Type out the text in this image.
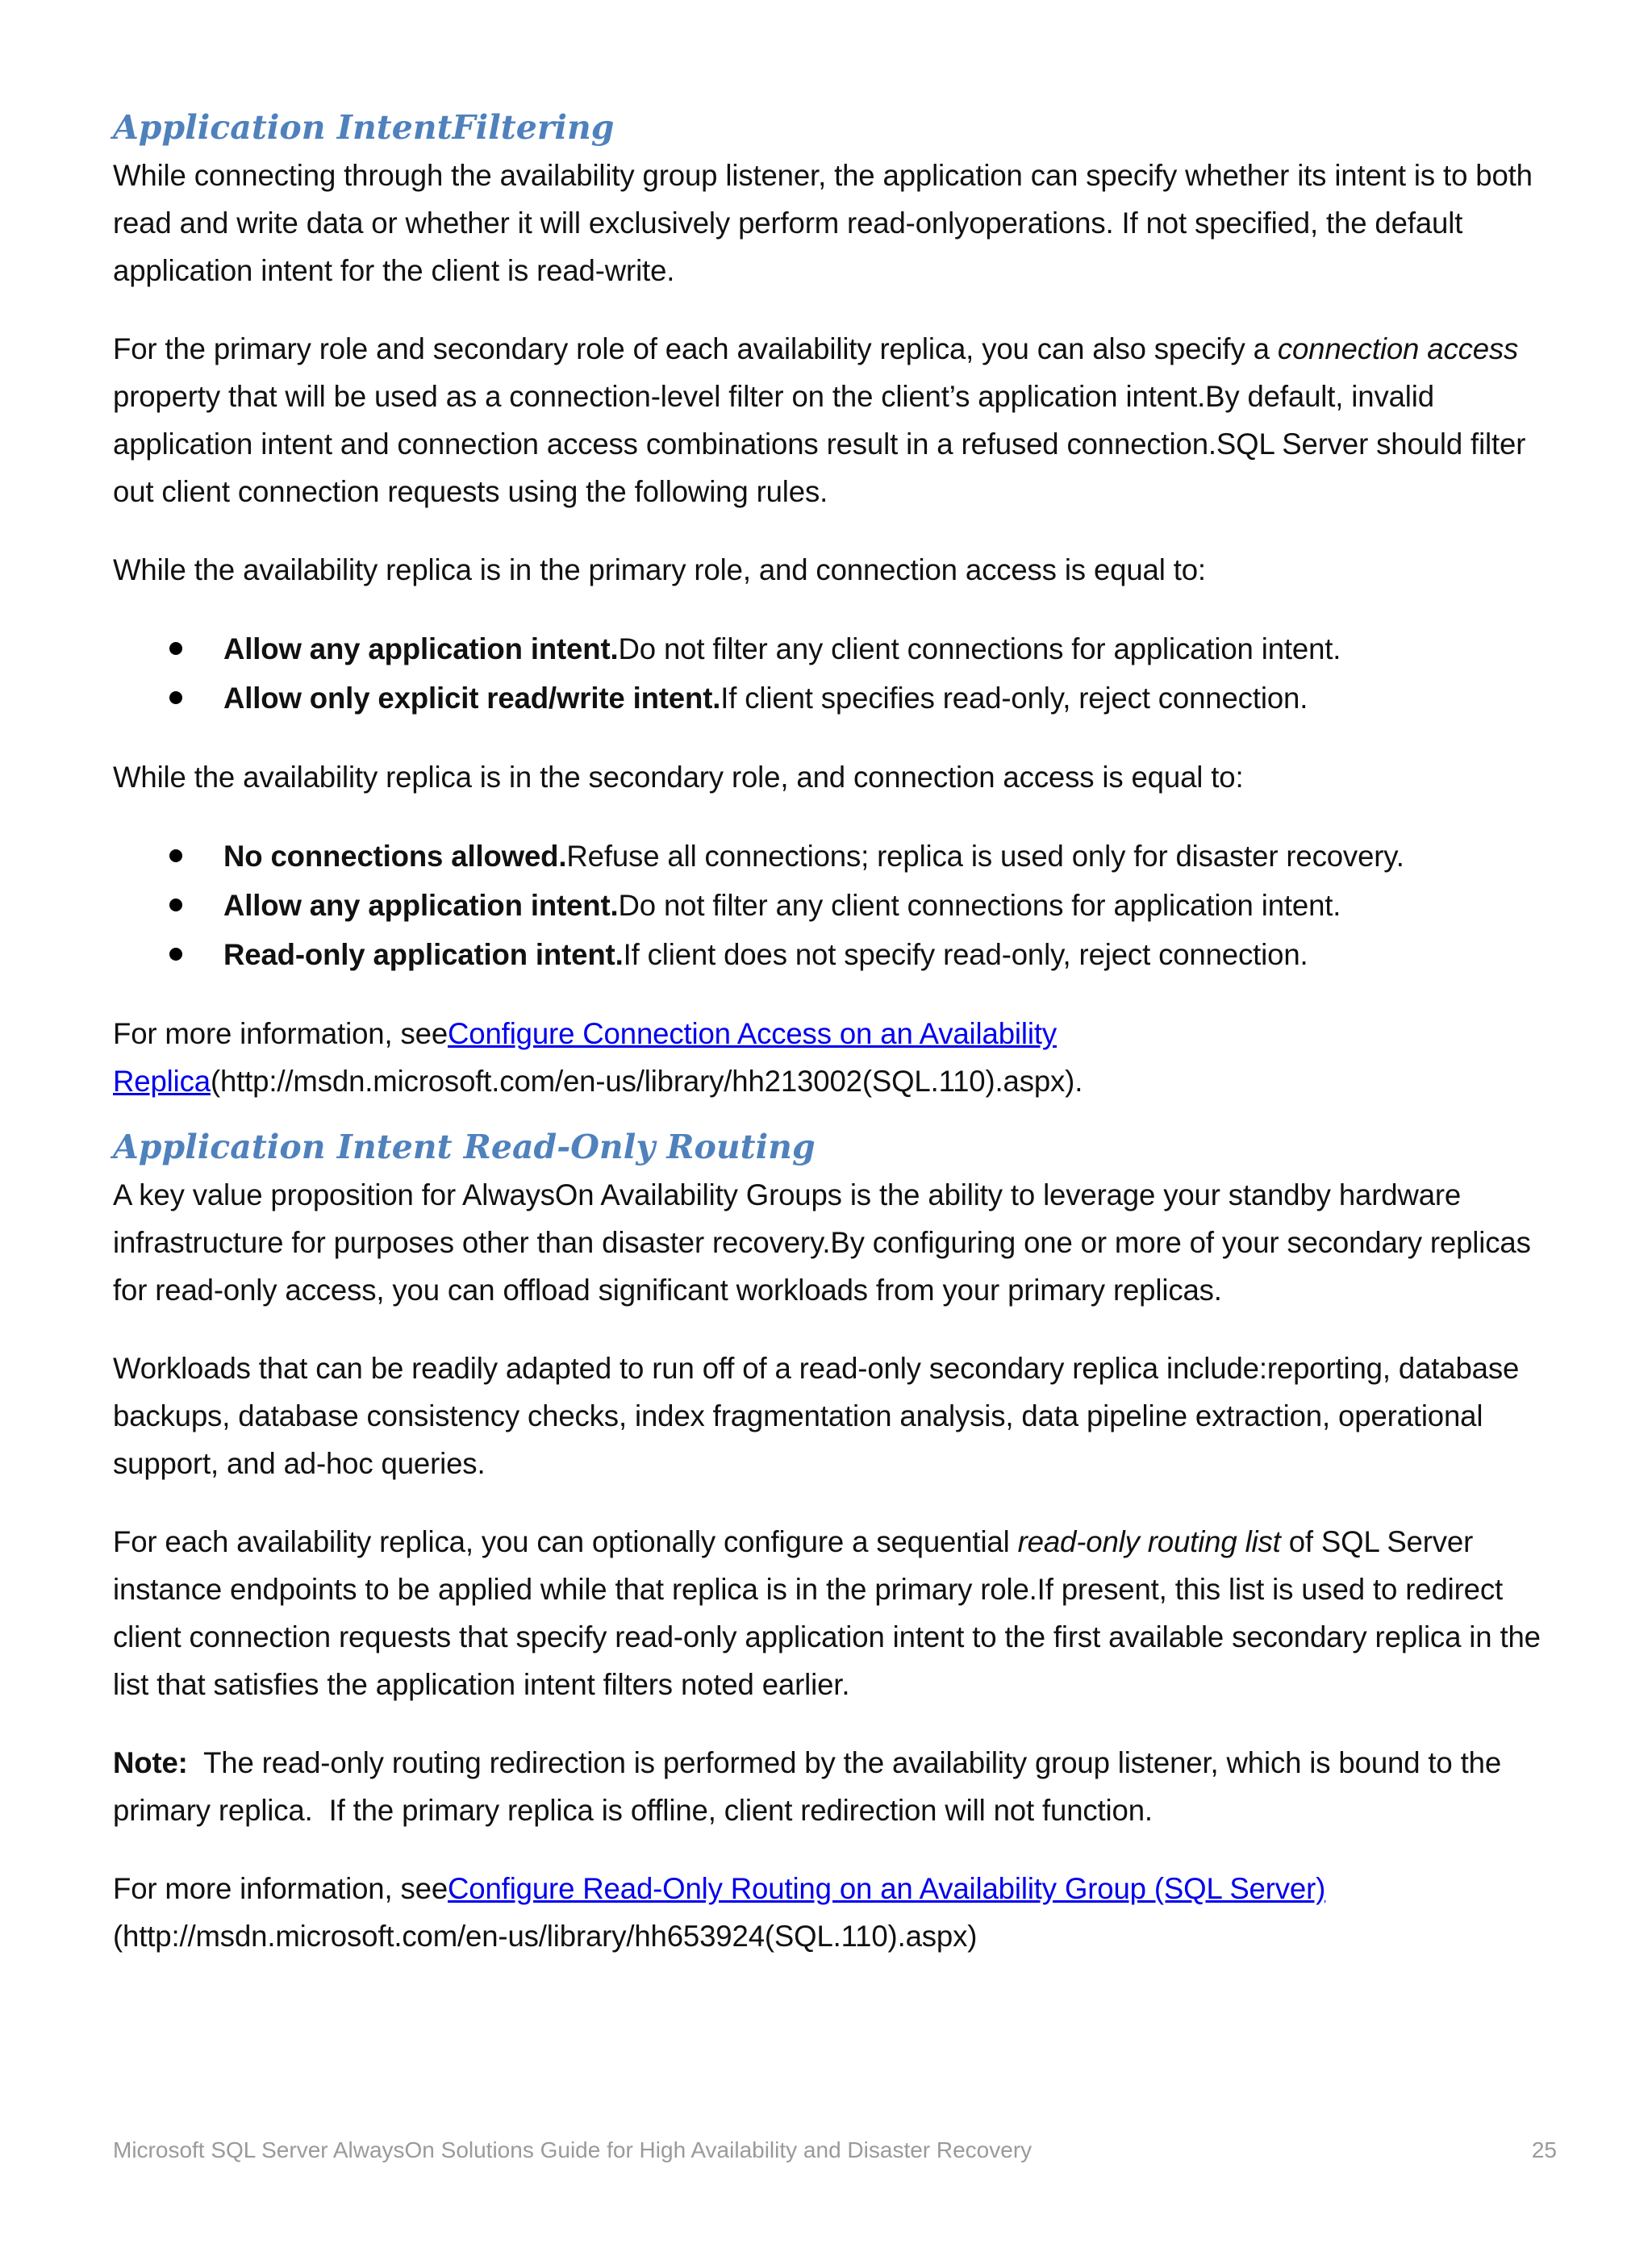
Application IntentFiltering

While connecting through the availability group listener, the application can specify whether its intent is to both read and write data or whether it will exclusively perform read-onlyoperations. If not specified, the default application intent for the client is read-write.

For the primary role and secondary role of each availability replica, you can also specify a connection access property that will be used as a connection-level filter on the client’s application intent.By default, invalid application intent and connection access combinations result in a refused connection.SQL Server should filter out client connection requests using the following rules.

While the availability replica is in the primary role, and connection access is equal to:

Allow any application intent.Do not filter any client connections for application intent.
Allow only explicit read/write intent.If client specifies read-only, reject connection.

While the availability replica is in the secondary role, and connection access is equal to:

No connections allowed.Refuse all connections; replica is used only for disaster recovery.
Allow any application intent.Do not filter any client connections for application intent.
Read-only application intent.If client does not specify read-only, reject connection.

For more information, seeConfigure Connection Access on an Availability Replica(http://msdn.microsoft.com/en-us/library/hh213002(SQL.110).aspx).

Application Intent Read-Only Routing

A key value proposition for AlwaysOn Availability Groups is the ability to leverage your standby hardware infrastructure for purposes other than disaster recovery.By configuring one or more of your secondary replicas for read-only access, you can offload significant workloads from your primary replicas.

Workloads that can be readily adapted to run off of a read-only secondary replica include:reporting, database backups, database consistency checks, index fragmentation analysis, data pipeline extraction, operational support, and ad-hoc queries.

For each availability replica, you can optionally configure a sequential read-only routing list of SQL Server instance endpoints to be applied while that replica is in the primary role.If present, this list is used to redirect client connection requests that specify read-only application intent to the first available secondary replica in the list that satisfies the application intent filters noted earlier.

Note:  The read-only routing redirection is performed by the availability group listener, which is bound to the primary replica.  If the primary replica is offline, client redirection will not function.

For more information, seeConfigure Read-Only Routing on an Availability Group (SQL Server)(http://msdn.microsoft.com/en-us/library/hh653924(SQL.110).aspx)

Microsoft SQL Server AlwaysOn Solutions Guide for High Availability and Disaster Recovery	25
